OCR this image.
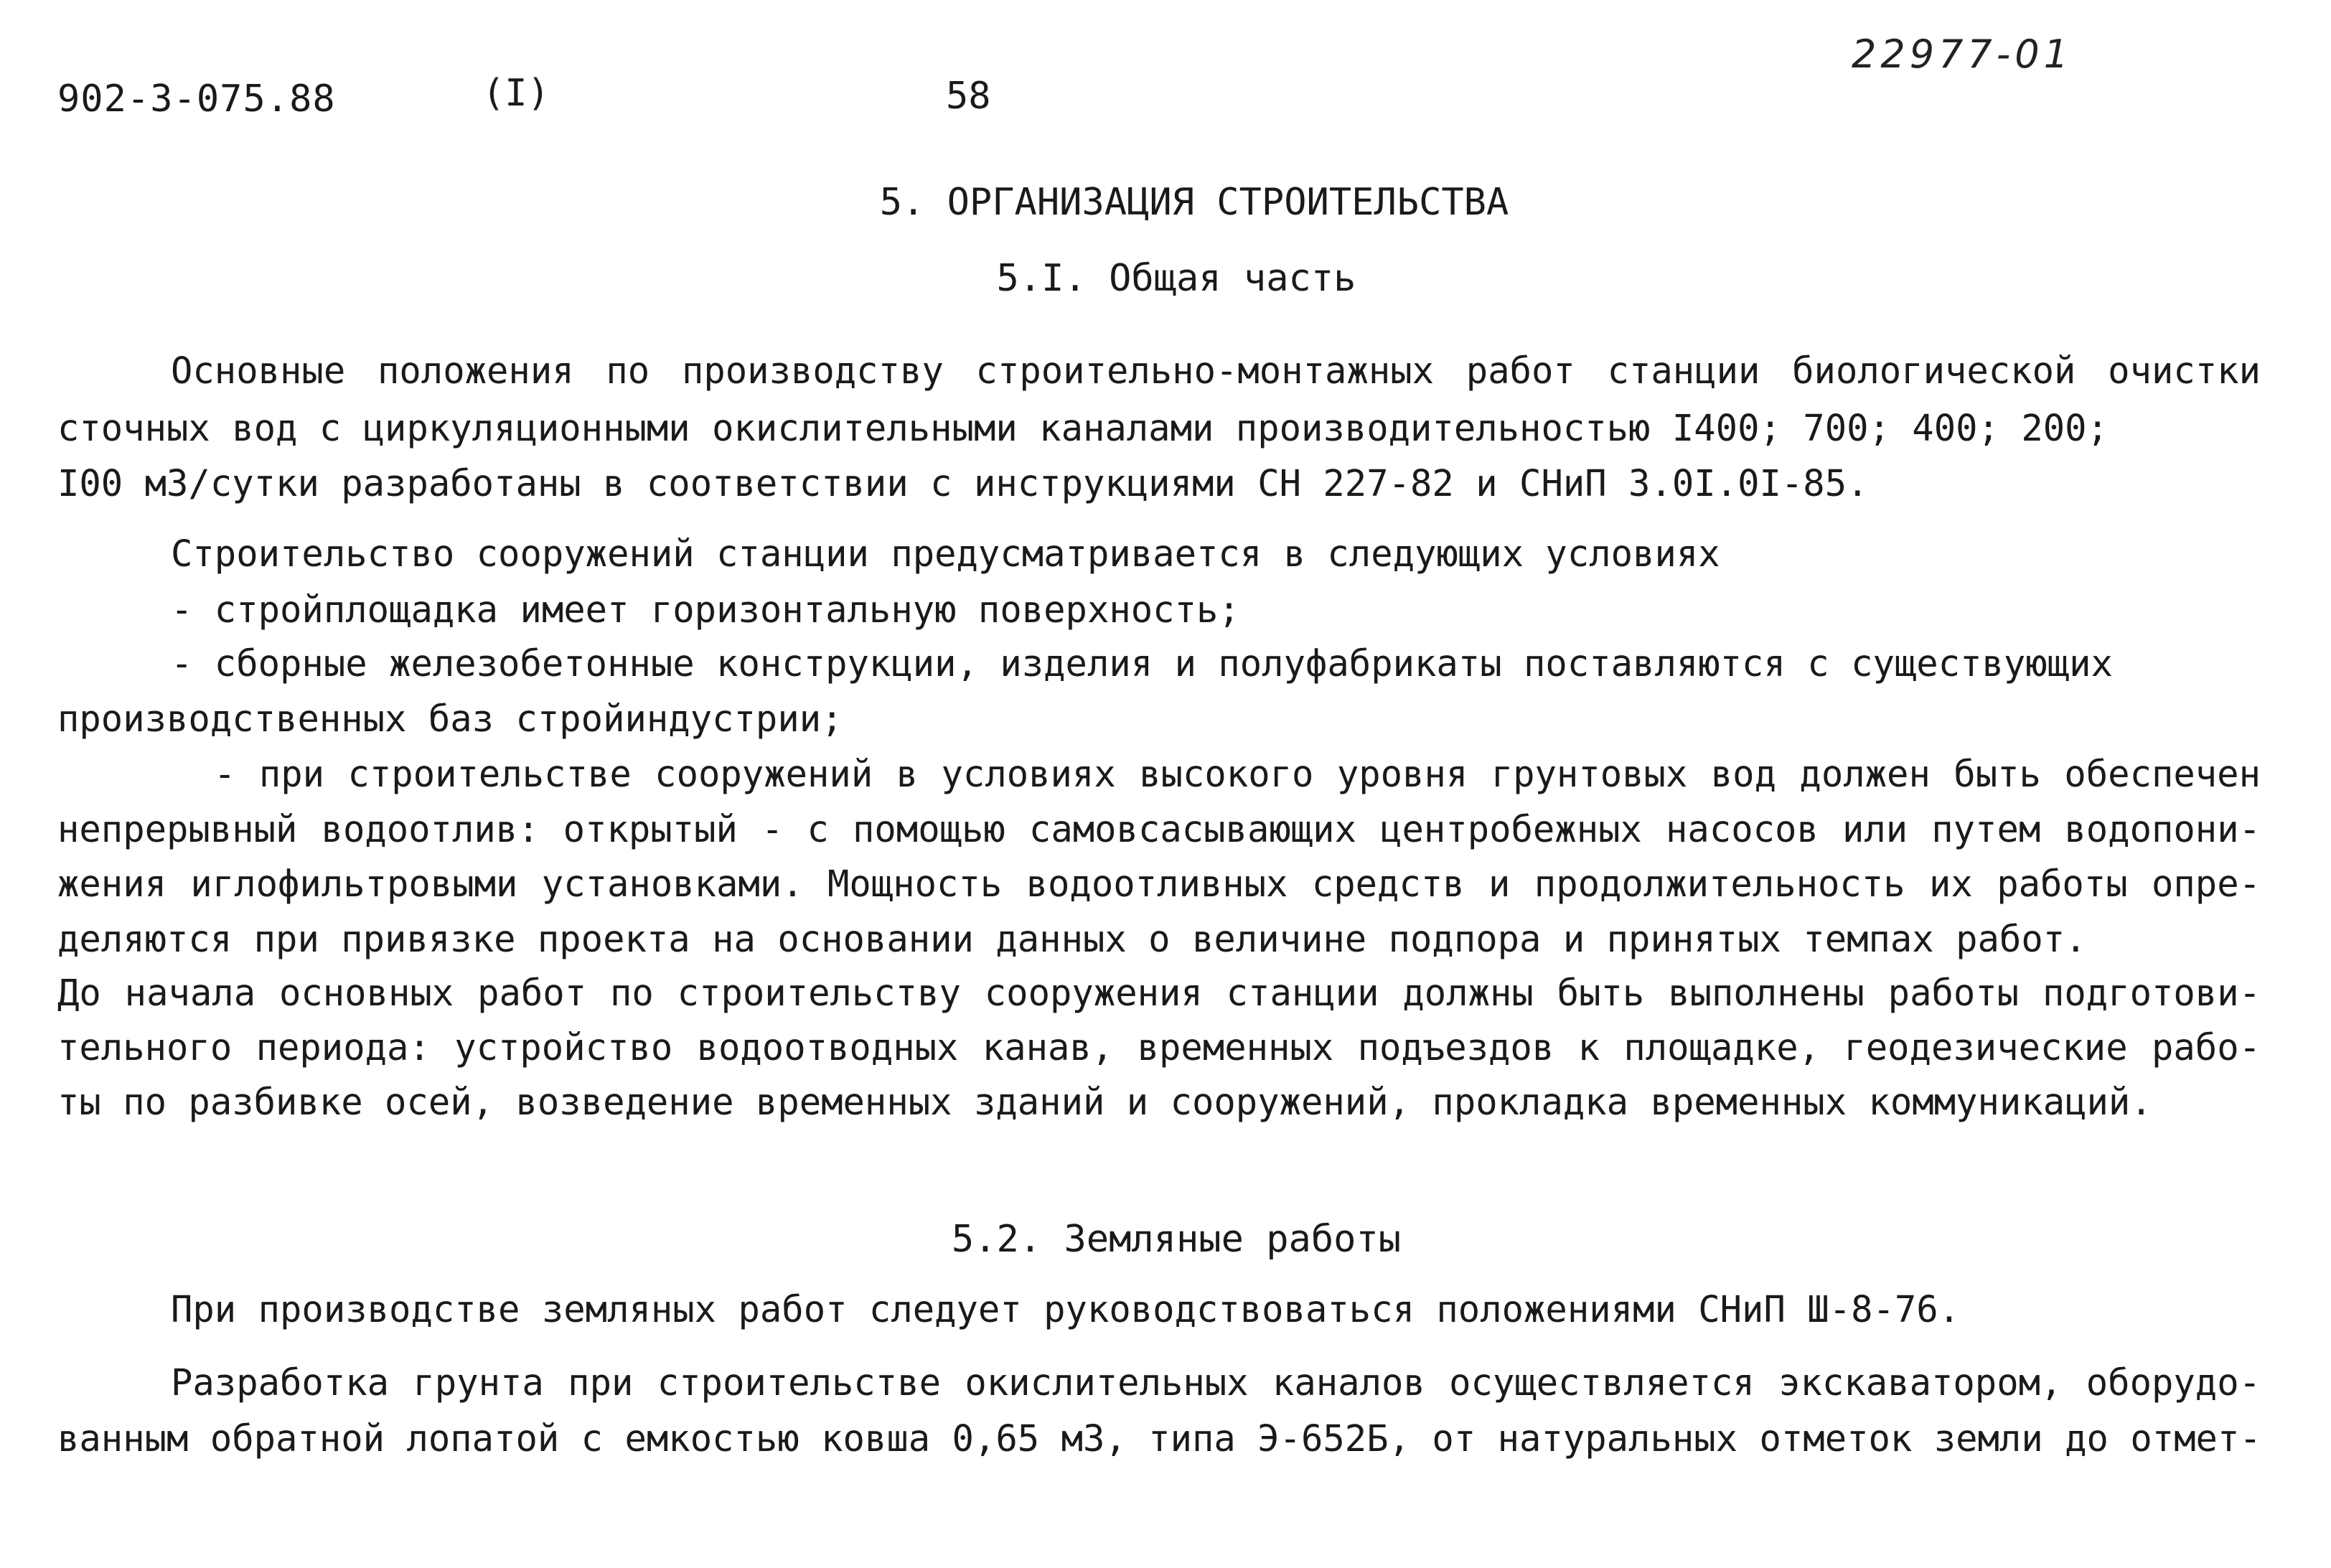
902-3-075.88	(I)	58
22977-01
5. ОРГАНИЗАЦИЯ СТРОИТЕЛЬСТВА
5.I. Общая часть
Основные положения по производству строительно-монтажных работ станции биологической очистки
сточных вод с циркуляционными окислительными каналами производительностью I400; 700; 400; 200;
I00 м3/сутки разработаны в соответствии с инструкциями СН 227-82 и СНиП 3.0I.0I-85.
Строительство сооружений станции предусматривается в следующих условиях
- стройплощадка имеет горизонтальную поверхность;
- сборные железобетонные конструкции, изделия и полуфабрикаты поставляются с существующих
производственных баз стройиндустрии;
- при строительстве сооружений в условиях высокого уровня грунтовых вод должен быть обеспечен
непрерывный водоотлив: открытый - с помощью самовсасывающих центробежных насосов или путем водопони-
жения иглофильтровыми установками. Мощность водоотливных средств и продолжительность их работы опре-
деляются при привязке проекта на основании данных о величине подпора и принятых темпах работ.
До начала основных работ по строительству сооружения станции должны быть выполнены работы подготови-
тельного периода: устройство водоотводных канав, временных подъездов к площадке, геодезические рабо-
ты по разбивке осей, возведение временных зданий и сооружений, прокладка временных коммуникаций.
5.2. Земляные работы
При производстве земляных работ следует руководствоваться положениями СНиП Ш-8-76.
Разработка грунта при строительстве окислительных каналов осуществляется экскаватором, оборудо-
ванным обратной лопатой с емкостью ковша 0,65 м3, типа Э-652Б, от натуральных отметок земли до отмет-
